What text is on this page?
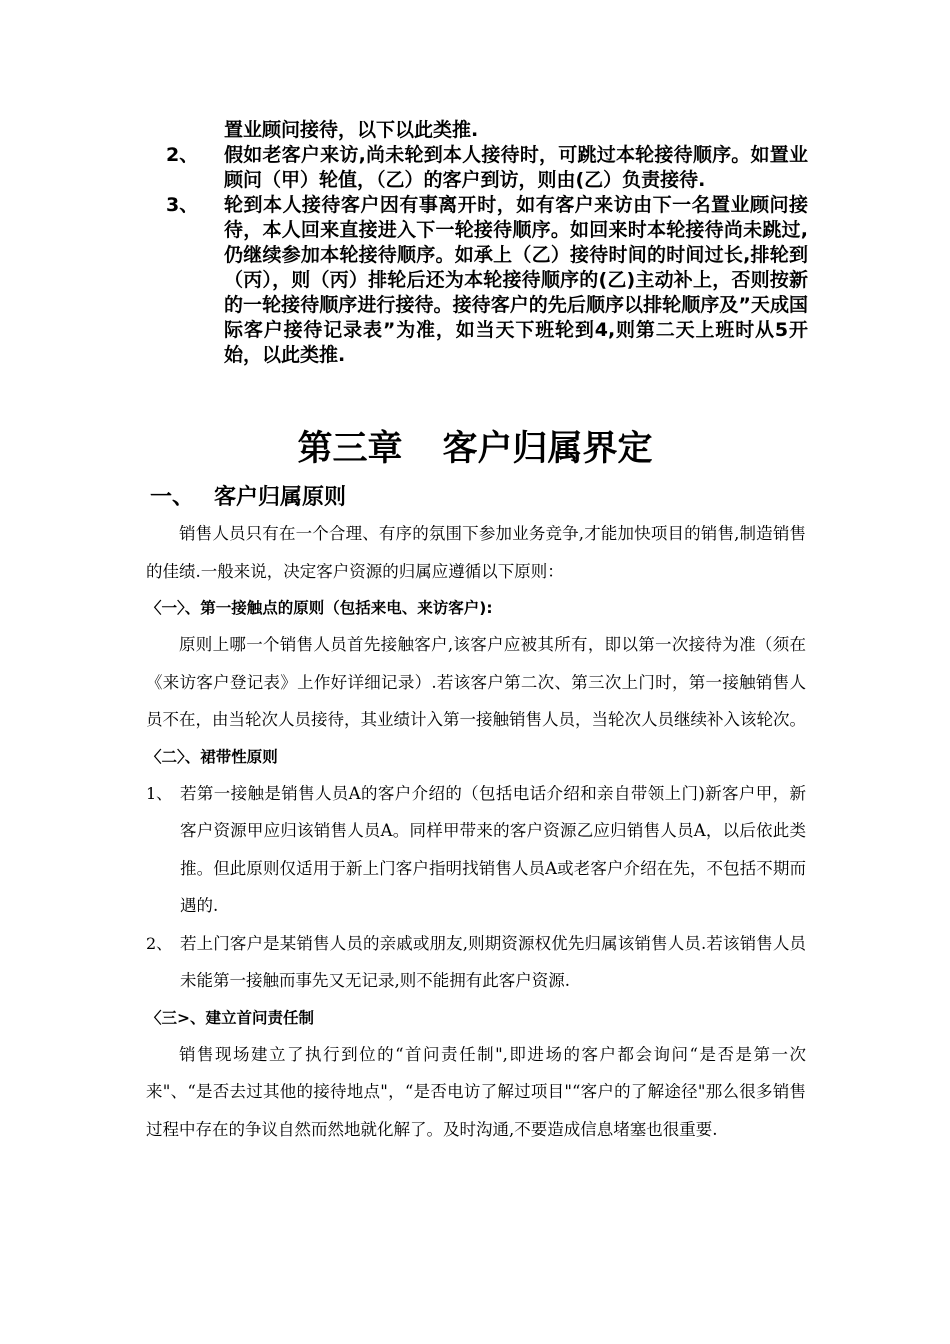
置业顾问接待，以下以此类推.
2、 假如老客户来访,尚未轮到本人接待时，可跳过本轮接待顺序。如置业顾问（甲）轮值，（乙）的客户到访，则由(乙）负责接待.
3、 轮到本人接待客户因有事离开时，如有客户来访由下一名置业顾问接待，本人回来直接进入下一轮接待顺序。如回来时本轮接待尚未跳过,仍继续参加本轮接待顺序。如承上（乙）接待时间的时间过长,排轮到（丙），则（丙）排轮后还为本轮接待顺序的(乙)主动补上，否则按新的一轮接待顺序进行接待。接待客户的先后顺序以排轮顺序及”天成国际客户接待记录表”为准，如当天下班轮到4,则第二天上班时从5开始，以此类推.
第三章 客户归属界定
一、 客户归属原则

销售人员只有在一个合理、有序的氛围下参加业务竞争,才能加快项目的销售,制造销售的佳绩.一般来说，决定客户资源的归属应遵循以下原则：

〈一〉、第一接触点的原则（包括来电、来访客户):

原则上哪一个销售人员首先接触客户,该客户应被其所有，即以第一次接待为准（须在《来访客户登记表》上作好详细记录）.若该客户第二次、第三次上门时，第一接触销售人员不在，由当轮次人员接待，其业绩计入第一接触销售人员，当轮次人员继续补入该轮次。

〈二〉、裙带性原则

1、 若第一接触是销售人员A的客户介绍的（包括电话介绍和亲自带领上门)新客户甲，新客户资源甲应归该销售人员A。同样甲带来的客户资源乙应归销售人员A，以后依此类推。但此原则仅适用于新上门客户指明找销售人员A或老客户介绍在先，不包括不期而遇的.
2、 若上门客户是某销售人员的亲戚或朋友,则期资源权优先归属该销售人员.若该销售人员未能第一接触而事先又无记录,则不能拥有此客户资源.

〈三>、建立首问责任制

销售现场建立了执行到位的“首问责任制",即进场的客户都会询问“是否是第一次来"、“是否去过其他的接待地点"，“是否电访了解过项目"“客户的了解途径"那么很多销售过程中存在的争议自然而然地就化解了。及时沟通,不要造成信息堵塞也很重要.
